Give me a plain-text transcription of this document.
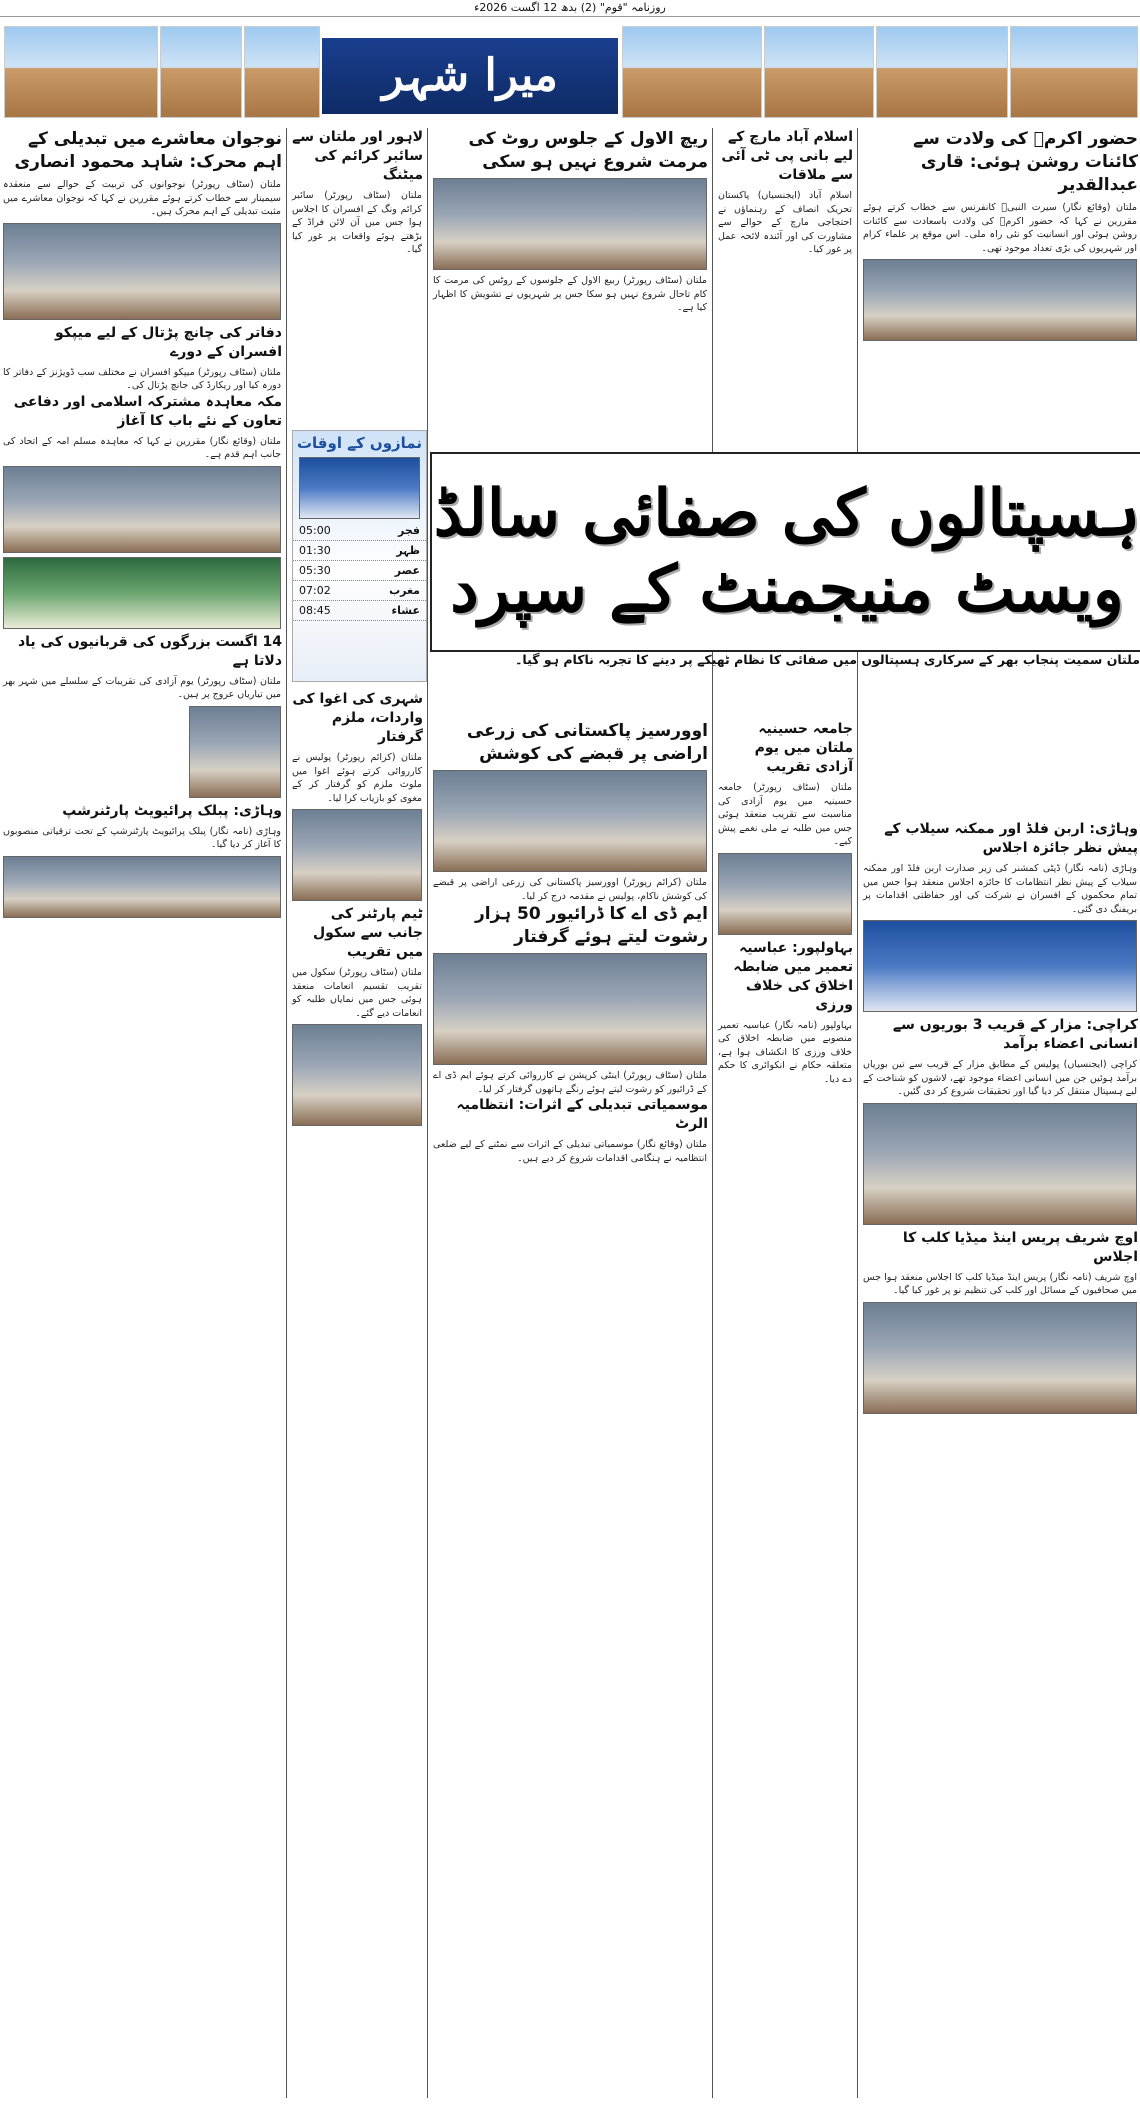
روزنامہ "قوم" (2) بدھ 12 اگست 2026ء
میرا شہر
حضور اکرمؐ کی ولادت سے کائنات روشن ہوئی: قاری عبدالقدیر
ملتان (وقائع نگار) سیرت النبیؐ کانفرنس سے خطاب کرتے ہوئے مقررین نے کہا کہ حضور اکرمؐ کی ولادت باسعادت سے کائنات روشن ہوئی اور انسانیت کو نئی راہ ملی۔ اس موقع پر علماء کرام اور شہریوں کی بڑی تعداد موجود تھی۔
وہاڑی: اربن فلڈ اور ممکنہ سیلاب کے پیش نظر جائزہ اجلاس
وہاڑی (نامہ نگار) ڈپٹی کمشنر کی زیر صدارت اربن فلڈ اور ممکنہ سیلاب کے پیش نظر انتظامات کا جائزہ اجلاس منعقد ہوا جس میں تمام محکموں کے افسران نے شرکت کی اور حفاظتی اقدامات پر بریفنگ دی گئی۔
کراچی: مزار کے قریب 3 بوریوں سے انسانی اعضاء برآمد
کراچی (ایجنسیاں) پولیس کے مطابق مزار کے قریب سے تین بوریاں برآمد ہوئیں جن میں انسانی اعضاء موجود تھے، لاشوں کو شناخت کے لیے ہسپتال منتقل کر دیا گیا اور تحقیقات شروع کر دی گئیں۔
اوچ شریف پریس اینڈ میڈیا کلب کا اجلاس
اوچ شریف (نامہ نگار) پریس اینڈ میڈیا کلب کا اجلاس منعقد ہوا جس میں صحافیوں کے مسائل اور کلب کی تنظیم نو پر غور کیا گیا۔
اسلام آباد مارچ کے لیے بانی پی ٹی آئی سے ملاقات
اسلام آباد (ایجنسیاں) پاکستان تحریک انصاف کے رہنماؤں نے احتجاجی مارچ کے حوالے سے مشاورت کی اور آئندہ لائحہ عمل پر غور کیا۔
جامعہ حسینیہ ملتان میں یوم آزادی تقریب
ملتان (سٹاف رپورٹر) جامعہ حسینیہ میں یوم آزادی کی مناسبت سے تقریب منعقد ہوئی جس میں طلبہ نے ملی نغمے پیش کیے۔
بہاولپور: عباسیہ تعمیر میں ضابطہ اخلاق کی خلاف ورزی
بہاولپور (نامہ نگار) عباسیہ تعمیر منصوبے میں ضابطہ اخلاق کی خلاف ورزی کا انکشاف ہوا ہے، متعلقہ حکام نے انکوائری کا حکم دے دیا۔
ریچ الاول کے جلوس روٹ کی مرمت شروع نہیں ہو سکی
ملتان (سٹاف رپورٹر) ربیع الاول کے جلوسوں کے روٹس کی مرمت کا کام تاحال شروع نہیں ہو سکا جس پر شہریوں نے تشویش کا اظہار کیا ہے۔
اوورسیز پاکستانی کی زرعی اراضی پر قبضے کی کوشش
ملتان (کرائم رپورٹر) اوورسیز پاکستانی کی زرعی اراضی پر قبضے کی کوشش ناکام، پولیس نے مقدمہ درج کر لیا۔
ایم ڈی اے کا ڈرائیور 50 ہزار رشوت لیتے ہوئے گرفتار
ملتان (سٹاف رپورٹر) اینٹی کرپشن نے کارروائی کرتے ہوئے ایم ڈی اے کے ڈرائیور کو رشوت لیتے ہوئے رنگے ہاتھوں گرفتار کر لیا۔
موسمیاتی تبدیلی کے اثرات: انتظامیہ الرٹ
ملتان (وقائع نگار) موسمیاتی تبدیلی کے اثرات سے نمٹنے کے لیے ضلعی انتظامیہ نے ہنگامی اقدامات شروع کر دیے ہیں۔
ہسپتالوں کی صفائی سالڈ ویسٹ منیجمنٹ کے سپرد
ملتان سمیت پنجاب بھر کے سرکاری ہسپتالوں میں صفائی کا نظام ٹھیکے پر دینے کا تجربہ ناکام ہو گیا۔
لاہور اور ملتان سے سائبر کرائم کی میٹنگ
ملتان (سٹاف رپورٹر) سائبر کرائم ونگ کے افسران کا اجلاس ہوا جس میں آن لائن فراڈ کے بڑھتے ہوئے واقعات پر غور کیا گیا۔
نمازوں کے اوقات
05:00	فجر
01:30	ظہر
05:30	عصر
07:02	مغرب
08:45	عشاء
شہری کی اغوا کی واردات، ملزم گرفتار
ملتان (کرائم رپورٹر) پولیس نے کارروائی کرتے ہوئے اغوا میں ملوث ملزم کو گرفتار کر کے مغوی کو بازیاب کرا لیا۔
ٹیم پارٹنر کی جانب سے سکول میں تقریب
ملتان (سٹاف رپورٹر) سکول میں تقریب تقسیم انعامات منعقد ہوئی جس میں نمایاں طلبہ کو انعامات دیے گئے۔
نوجوان معاشرے میں تبدیلی کے اہم محرک: شاہد محمود انصاری
ملتان (سٹاف رپورٹر) نوجوانوں کی تربیت کے حوالے سے منعقدہ سیمینار سے خطاب کرتے ہوئے مقررین نے کہا کہ نوجوان معاشرے میں مثبت تبدیلی کے اہم محرک ہیں۔
دفاتر کی چانچ پڑتال کے لیے میپکو افسران کے دورے
ملتان (سٹاف رپورٹر) میپکو افسران نے مختلف سب ڈویژنز کے دفاتر کا دورہ کیا اور ریکارڈ کی جانچ پڑتال کی۔
مکہ معاہدہ مشترکہ اسلامی اور دفاعی تعاون کے نئے باب کا آغاز
ملتان (وقائع نگار) مقررین نے کہا کہ معاہدہ مسلم امہ کے اتحاد کی جانب اہم قدم ہے۔
14 اگست بزرگوں کی قربانیوں کی یاد دلاتا ہے
ملتان (سٹاف رپورٹر) یوم آزادی کی تقریبات کے سلسلے میں شہر بھر میں تیاریاں عروج پر ہیں۔
وہاڑی: پبلک پرائیویٹ پارٹنرشپ
وہاڑی (نامہ نگار) پبلک پرائیویٹ پارٹنرشپ کے تحت ترقیاتی منصوبوں کا آغاز کر دیا گیا۔
